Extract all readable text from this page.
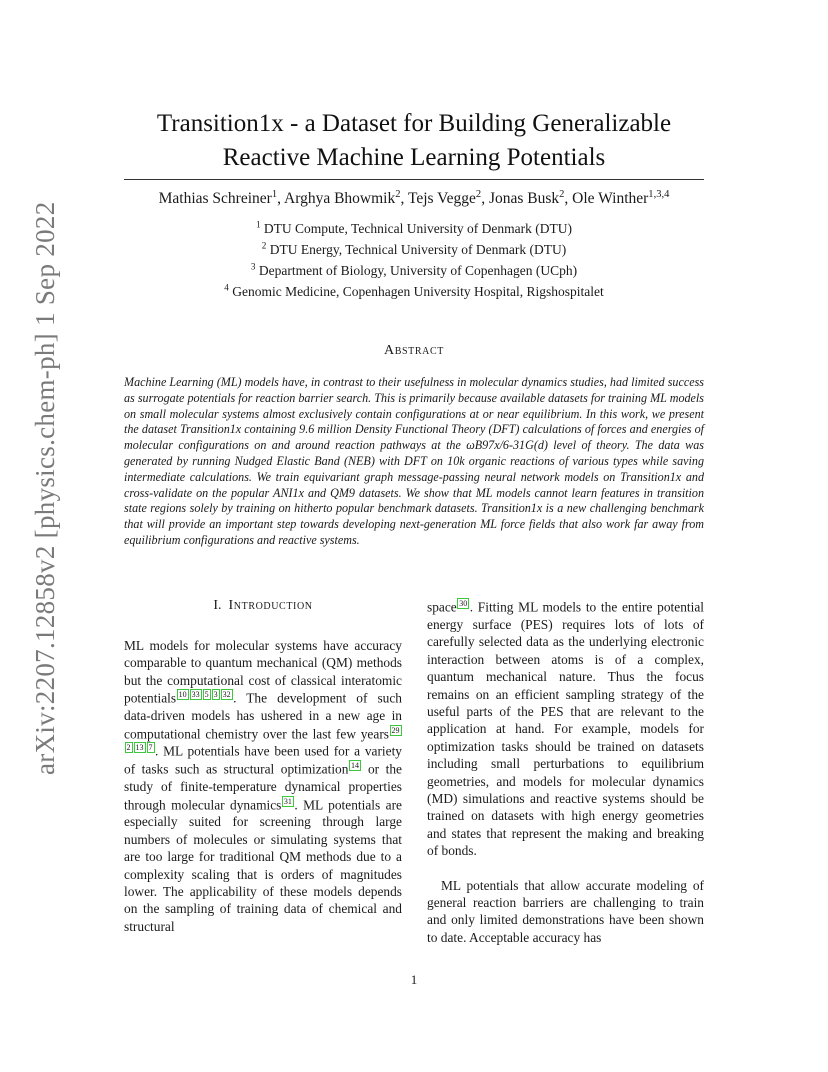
arXiv:2207.12858v2 [physics.chem-ph] 1 Sep 2022
Transition1x - a Dataset for Building Generalizable
Reactive Machine Learning Potentials
Mathias Schreiner$^1$, Arghya Bhowmik$^2$, Tejs Vegge$^2$, Jonas Busk$^2$, Ole Winther$^{1,3,4}$
$^1$ DTU Compute, Technical University of Denmark (DTU)
$^2$ DTU Energy, Technical University of Denmark (DTU)
$^3$ Department of Biology, University of Copenhagen (UCph)
$^4$ Genomic Medicine, Copenhagen University Hospital, Rigshospitalet
Abstract
Machine Learning (ML) models have, in contrast to their usefulness in molecular dynamics studies, had limited success as surrogate potentials for reaction barrier search. This is primarily because available datasets for training ML models on small molecular systems almost exclusively contain configurations at or near equilibrium. In this work, we present the dataset Transition1x containing 9.6 million Density Functional Theory (DFT) calculations of forces and energies of molecular configurations on and around reaction pathways at the ωB97x/6-31G(d) level of theory. The data was generated by running Nudged Elastic Band (NEB) with DFT on 10k organic reactions of various types while saving intermediate calculations. We train equivariant graph message-passing neural network models on Transition1x and cross-validate on the popular ANI1x and QM9 datasets. We show that ML models cannot learn features in transition state regions solely by training on hitherto popular benchmark datasets. Transition1x is a new challenging benchmark that will provide an important step towards developing next-generation ML force fields that also work far away from equilibrium configurations and reactive systems.
I. Introduction
ML models for molecular systems have accuracy comparable to quantum mechanical (QM) methods but the computational cost of classical interatomic potentials 10 33 5 3 32 . The development of such data-driven models has ushered in a new age in computational chemistry over the last few years 292 13 7 . ML potentials have been used for a variety of tasks such as structural optimization 14 or the study of finite-temperature dynamical properties through molecular dynamics 31 . ML potentials are especially suited for screening through large numbers of molecules or simulating systems that are too large for traditional QM methods due to a complexity scaling that is orders of magnitudes lower. The applicability of these models depends on the sampling of training data of chemical and structural
space 30 . Fitting ML models to the entire potential energy surface (PES) requires lots of lots of carefully selected data as the underlying electronic interaction between atoms is of a complex, quantum mechanical nature. Thus the focus remains on an efficient sampling strategy of the useful parts of the PES that are relevant to the application at hand. For example, models for optimization tasks should be trained on datasets including small perturbations to equilibrium geometries, and models for molecular dynamics (MD) simulations and reactive systems should be trained on datasets with high energy geometries and states that represent the making and breaking of bonds.
ML potentials that allow accurate modeling of general reaction barriers are challenging to train and only limited demonstrations have been shown to date. Acceptable accuracy has
1
